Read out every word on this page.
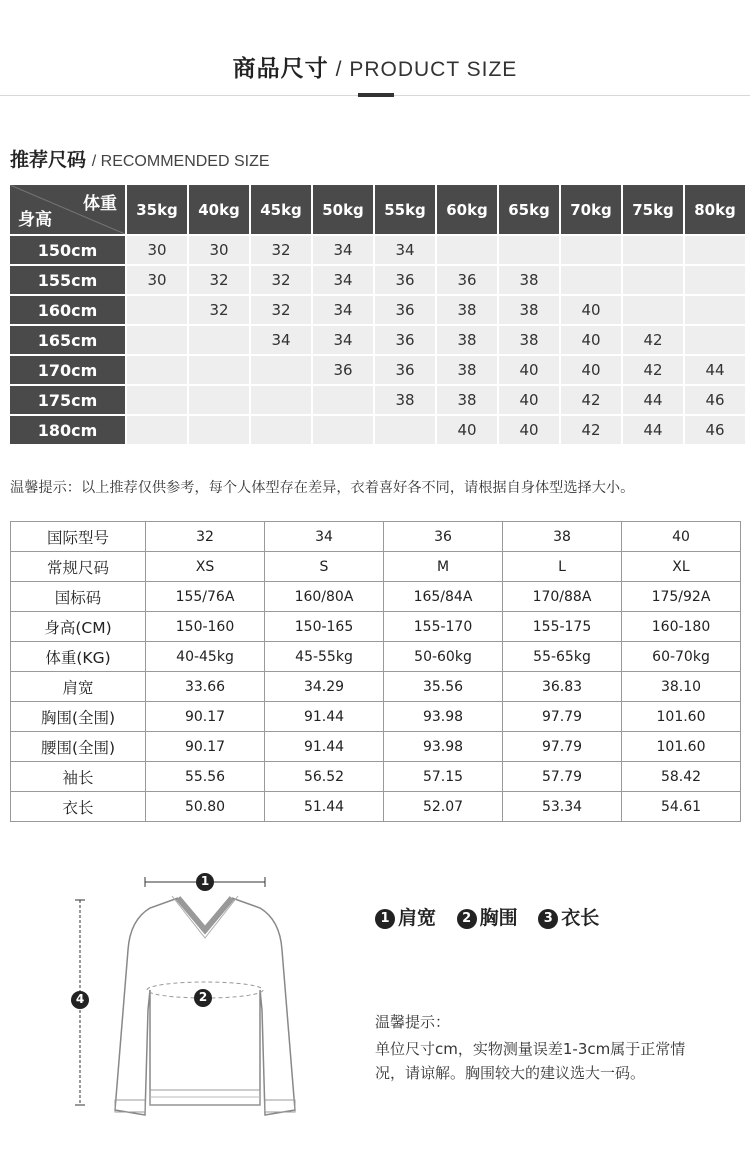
商品尺寸 / PRODUCT SIZE
推荐尺码 / RECOMMENDED SIZE
体重
身高	35kg	40kg	45kg	50kg	55kg	60kg	65kg	70kg	75kg	80kg
150cm	30	30	32	34	34					
155cm	30	32	32	34	36	36	38			
160cm		32	32	34	36	38	38	40		
165cm			34	34	36	38	38	40	42	
170cm				36	36	38	40	40	42	44
175cm					38	38	40	42	44	46
180cm						40	40	42	44	46
温馨提示：以上推荐仅供参考，每个人体型存在差异，衣着喜好各不同，请根据自身体型选择大小。
国际型号	32	34	36	38	40
常规尺码	XS	S	M	L	XL
国标码	155/76A	160/80A	165/84A	170/88A	175/92A
身高(CM)	150-160	150-165	155-170	155-175	160-180
体重(KG)	40-45kg	45-55kg	50-60kg	55-65kg	60-70kg
肩宽	33.66	34.29	35.56	36.83	38.10
胸围(全围)	90.17	91.44	93.98	97.79	101.60
腰围(全围)	90.17	91.44	93.98	97.79	101.60
袖长	55.56	56.52	57.15	57.79	58.42
衣长	50.80	51.44	52.07	53.34	54.61
1
2
4
1 肩宽 2 胸围 3 衣长
温馨提示：
单位尺寸cm，实物测量误差1-3cm属于正常情况，请谅解。胸围较大的建议选大一码。
